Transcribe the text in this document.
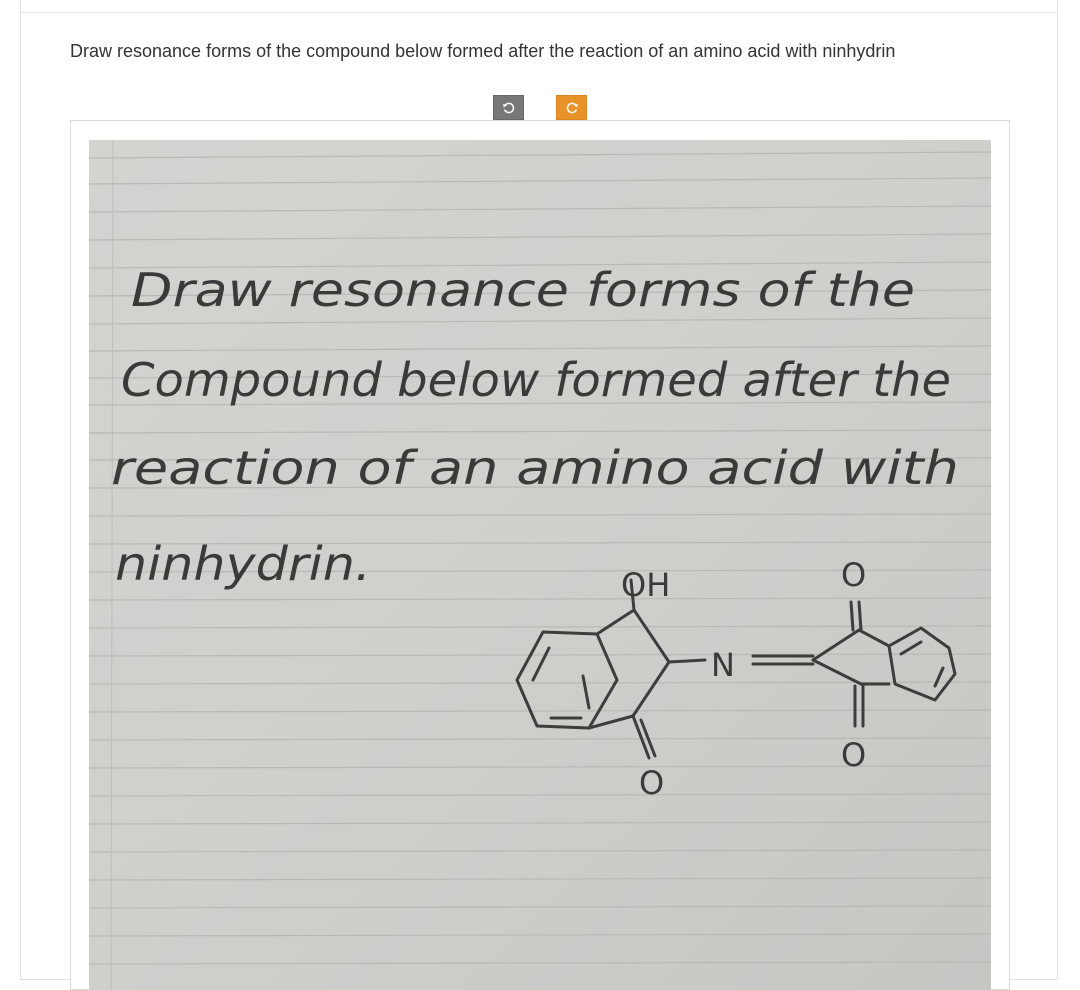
Draw resonance forms of the compound below formed after the reaction of an amino acid with ninhydrin
Draw resonance forms of the
Compound below formed after the
reaction of an amino acid with
ninhydrin.	OH
N
O
O
O
